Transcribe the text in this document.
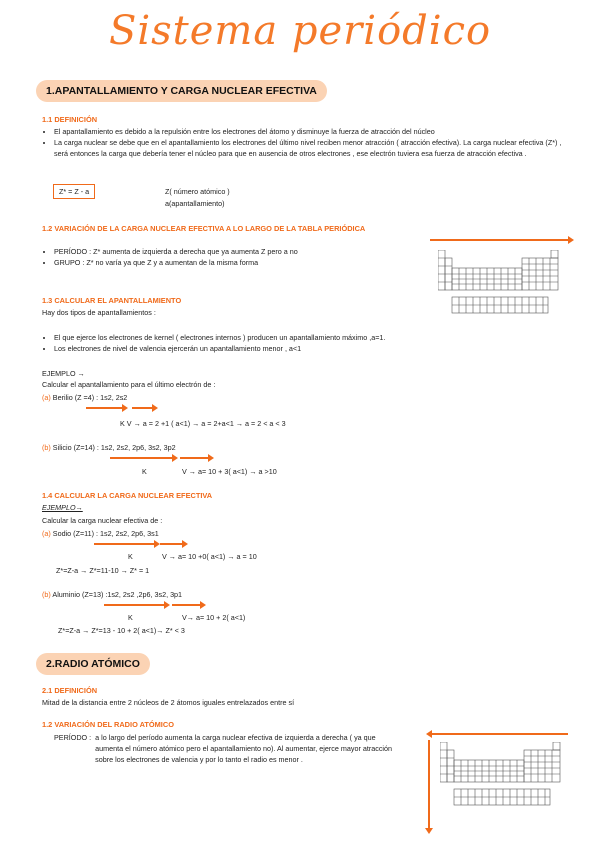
Sistema periódico
1.APANTALLAMIENTO Y CARGA NUCLEAR EFECTIVA
1.1 DEFINICIÓN
• El apantallamiento es debido a la repulsión entre los electrones del átomo y disminuye la fuerza de atracción del núcleo
• La carga nuclear se debe que en el apantallamiento los electrones del último nivel reciben menor atracción ( atracción efectiva). La carga nuclear efectiva (Z*) , será entonces la carga que debería tener el núcleo para que en ausencia de otros electrones , ese electrón tuviera esa fuerza de atracción efectiva .
Z* = Z - a	Z( número atómico )
a(apantallamiento)
1.2 VARIACIÓN DE LA CARGA NUCLEAR EFECTIVA A LO LARGO DE LA TABLA PERIÓDICA
• PERÍODO : Z* aumenta de izquierda a derecha que ya aumenta Z pero a no
• GRUPO : Z* no varía ya que Z y a aumentan de la misma forma
1.3 CALCULAR EL APANTALLAMIENTO
Hay dos tipos de apantallamientos :
• El que ejerce los electrones de kernel ( electrones internos ) producen un apantallamiento máximo ,a=1.
• Los electrones de nivel de valencia ejercerán un apantallamiento menor , a<1
EJEMPLO →
Calcular el apantallamiento para el último electrón de :
(a) Berilio (Z =4) : 1s2, 2s2
K V → a = 2 +1 ( a<1) → a = 2+a<1 → a = 2 < a < 3
(b) Silicio (Z=14) : 1s2, 2s2, 2p6, 3s2, 3p2
K	V → a= 10 + 3( a<1) → a >10
1.4 CALCULAR LA CARGA NUCLEAR EFECTIVA
EJEMPLO→
Calcular la carga nuclear efectiva de :
(a) Sodio (Z=11) : 1s2, 2s2, 2p6, 3s1
K	V → a= 10 +0( a<1) → a = 10
Z*=Z-a → Z*=11-10 → Z* = 1
(b) Aluminio (Z=13) :1s2, 2s2 ,2p6, 3s2, 3p1
K	V→ a= 10 + 2( a<1)
Z*=Z-a → Z*=13 - 10 + 2( a<1)→ Z* < 3
2.RADIO ATÓMICO
2.1 DEFINICIÓN
Mitad de la distancia entre 2 núcleos de 2 átomos iguales entrelazados entre sí
1.2 VARIACIÓN DEL RADIO ATÓMICO
PERÍODO : a lo largo del período aumenta la carga nuclear efectiva de izquierda a derecha ( ya que aumenta el número atómico pero el apantallamiento no). Al aumentar, ejerce mayor atracción sobre los electrones de valencia y por lo tanto el radio es menor .
